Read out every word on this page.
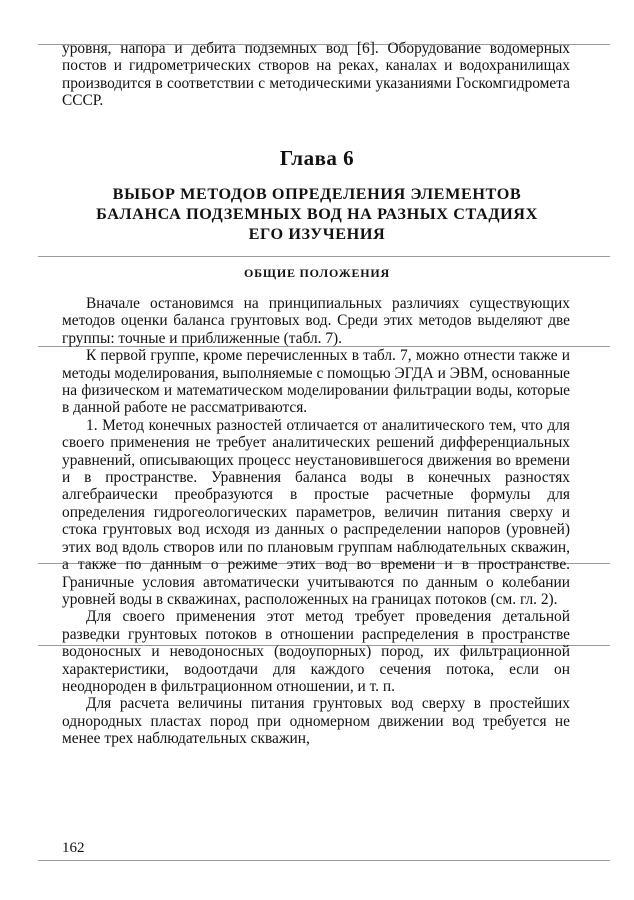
уровня, напора и дебита подземных вод [6]. Оборудование водомерных постов и гидрометрических створов на реках, каналах и водохранилищах производится в соответствии с методическими указаниями Госкомгидромета СССР.

Глава 6
ВЫБОР МЕТОДОВ ОПРЕДЕЛЕНИЯ ЭЛЕМЕНТОВ
БАЛАНСА ПОДЗЕМНЫХ ВОД НА РАЗНЫХ СТАДИЯХ
ЕГО ИЗУЧЕНИЯ
ОБЩИЕ ПОЛОЖЕНИЯ

Вначале остановимся на принципиальных различиях существующих методов оценки баланса грунтовых вод. Среди этих методов выделяют две группы: точные и приближенные (табл. 7).

К первой группе, кроме перечисленных в табл. 7, можно отнести также и методы моделирования, выполняемые с помощью ЭГДА и ЭВМ, основанные на физическом и математическом моделировании фильтрации воды, которые в данной работе не рассматриваются.

1. Метод конечных разностей отличается от аналитического тем, что для своего применения не требует аналитических решений дифференциальных уравнений, описывающих процесс неустановившегося движения во времени и в пространстве. Уравнения баланса воды в конечных разностях алгебраически преобразуются в простые расчетные формулы для определения гидрогеологических параметров, величин питания сверху и стока грунтовых вод исходя из данных о распределении напоров (уровней) этих вод вдоль створов или по плановым группам наблюдательных скважин, а также по данным о режиме этих вод во времени и в пространстве. Граничные условия автоматически учитываются по данным о колебании уровней воды в скважинах, расположенных на границах потоков (см. гл. 2).

Для своего применения этот метод требует проведения детальной разведки грунтовых потоков в отношении распределения в пространстве водоносных и неводоносных (водоупорных) пород, их фильтрационной характеристики, водоотдачи для каждого сечения потока, если он неоднороден в фильтрационном отношении, и т. п.

Для расчета величины питания грунтовых вод сверху в простейших однородных пластах пород при одномерном движении вод требуется не менее трех наблюдательных скважин,

162
